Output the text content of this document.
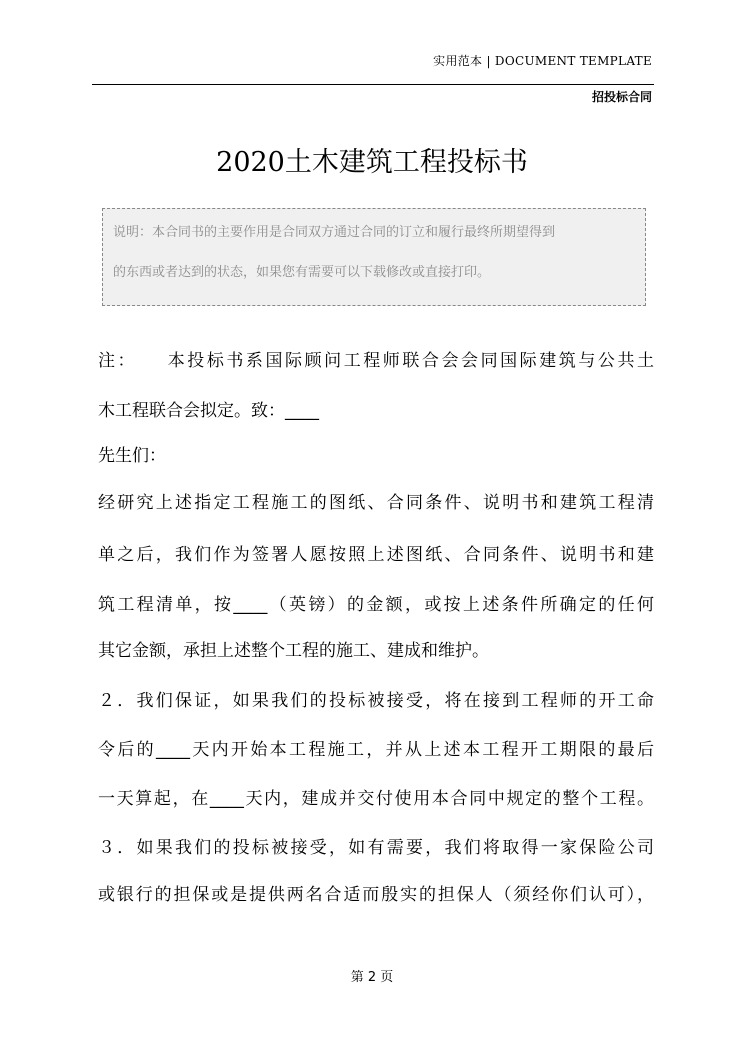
实用范本 | DOCUMENT TEMPLATE
招投标合同
2020土木建筑工程投标书
说明：本合同书的主要作用是合同双方通过合同的订立和履行最终所期望得到
的东西或者达到的状态，如果您有需要可以下载修改或直接打印。
注：　　本投标书系国际顾问工程师联合会会同国际建筑与公共土
木工程联合会拟定。致：____
先生们：
经研究上述指定工程施工的图纸、合同条件、说明书和建筑工程清
单之后，我们作为签署人愿按照上述图纸、合同条件、说明书和建
筑工程清单，按____（英镑）的金额，或按上述条件所确定的任何
其它金额，承担上述整个工程的施工、建成和维护。
２．我们保证，如果我们的投标被接受，将在接到工程师的开工命
令后的____天内开始本工程施工，并从上述本工程开工期限的最后
一天算起，在____天内，建成并交付使用本合同中规定的整个工程。
３．如果我们的投标被接受，如有需要，我们将取得一家保险公司
或银行的担保或是提供两名合适而殷实的担保人（须经你们认可），
第 2 页
